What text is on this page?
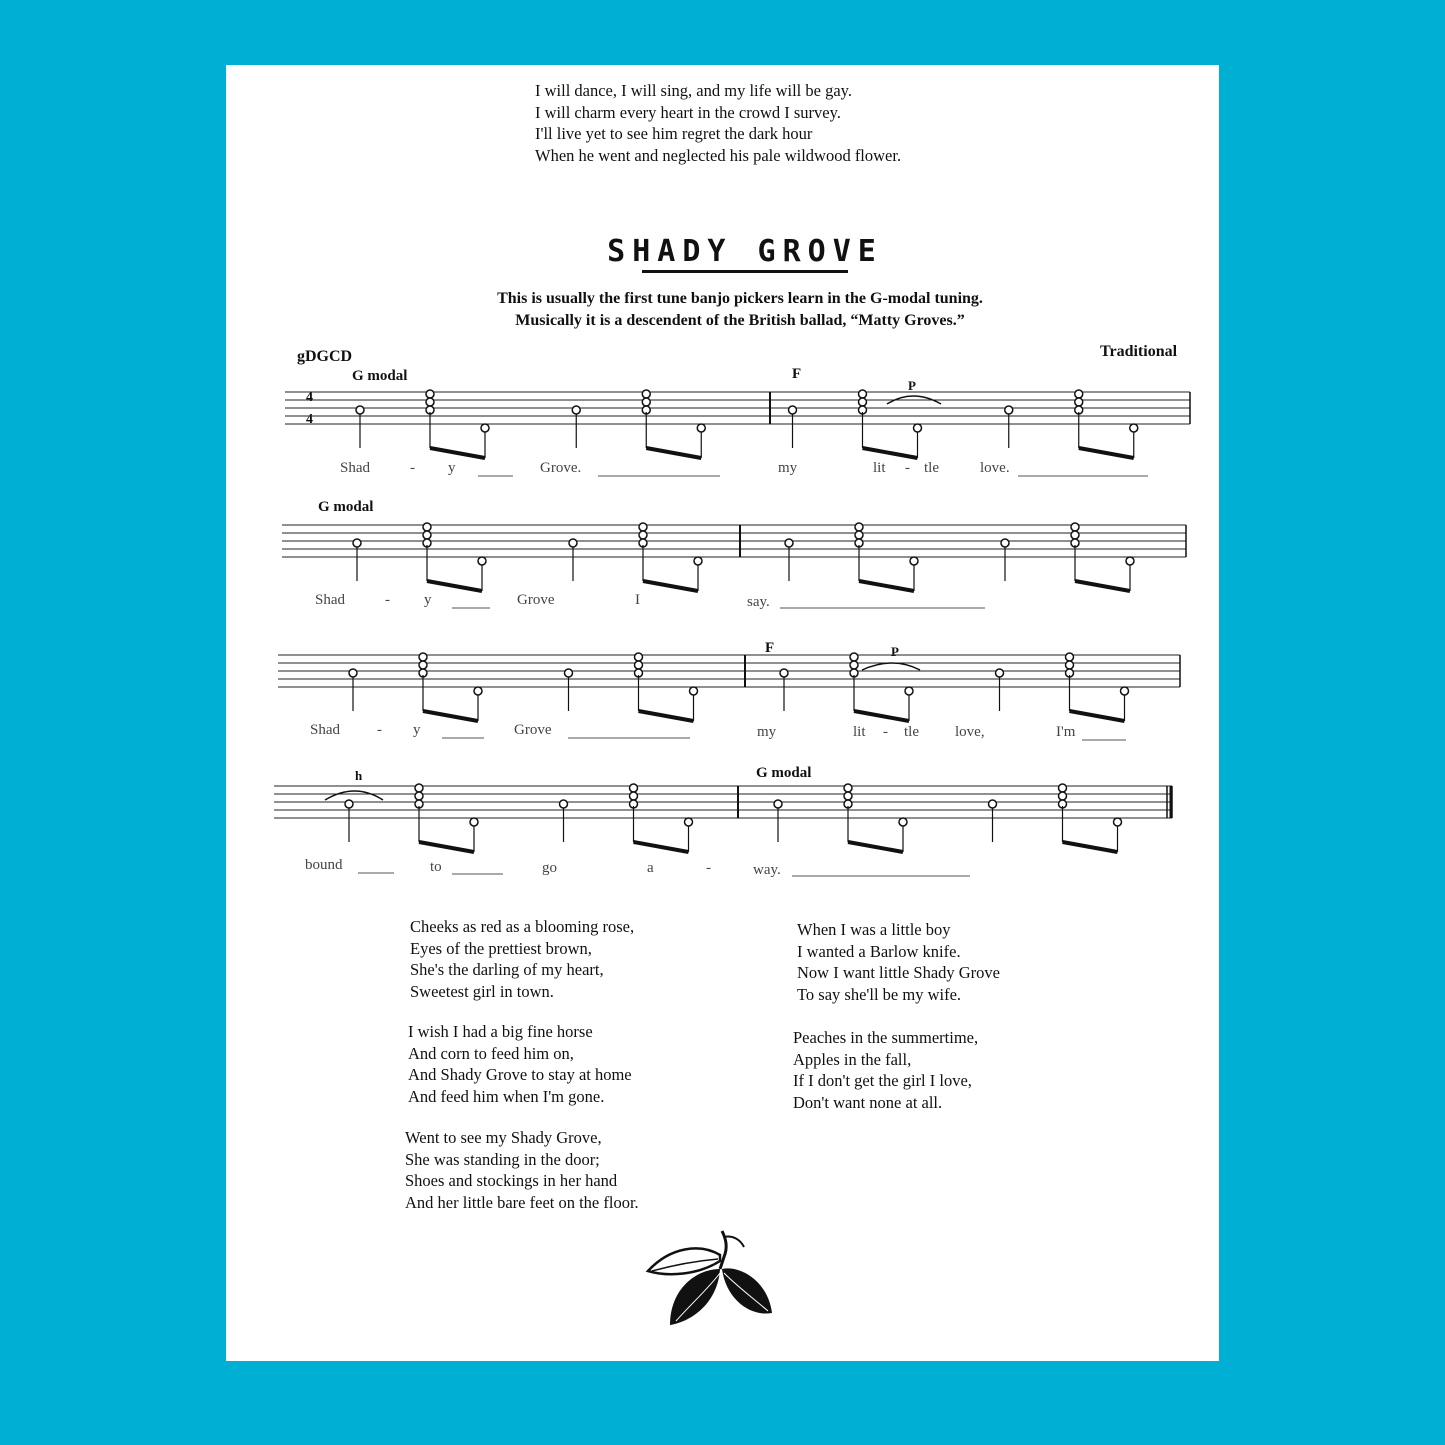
I will dance, I will sing, and my life will be gay.
I will charm every heart in the crowd I survey.
I'll live yet to see him regret the dark hour
When he went and neglected his pale wildwood flower.
SHADY GROVE
This is usually the first tune banjo pickers learn in the G-modal tuning.
Musically it is a descendent of the British ballad, “Matty Groves.”
gDGCD	Traditional
G modal	F
G modal
F
G modal
P
P
h
4
4
Shad	- y	Grove.	my	lit - tle	love.
Shad	- y	Grove	I	say.
Shad - y	Grove	my	lit - tle love,	I'm
bound	to	go	a	-	way.
Cheeks as red as a blooming rose,
Eyes of the prettiest brown,
She's the darling of my heart,
Sweetest girl in town.
I wish I had a big fine horse
And corn to feed him on,
And Shady Grove to stay at home
And feed him when I'm gone.
Went to see my Shady Grove,
She was standing in the door;
Shoes and stockings in her hand
And her little bare feet on the floor.
When I was a little boy
I wanted a Barlow knife.
Now I want little Shady Grove
To say she'll be my wife.
Peaches in the summertime,
Apples in the fall,
If I don't get the girl I love,
Don't want none at all.
